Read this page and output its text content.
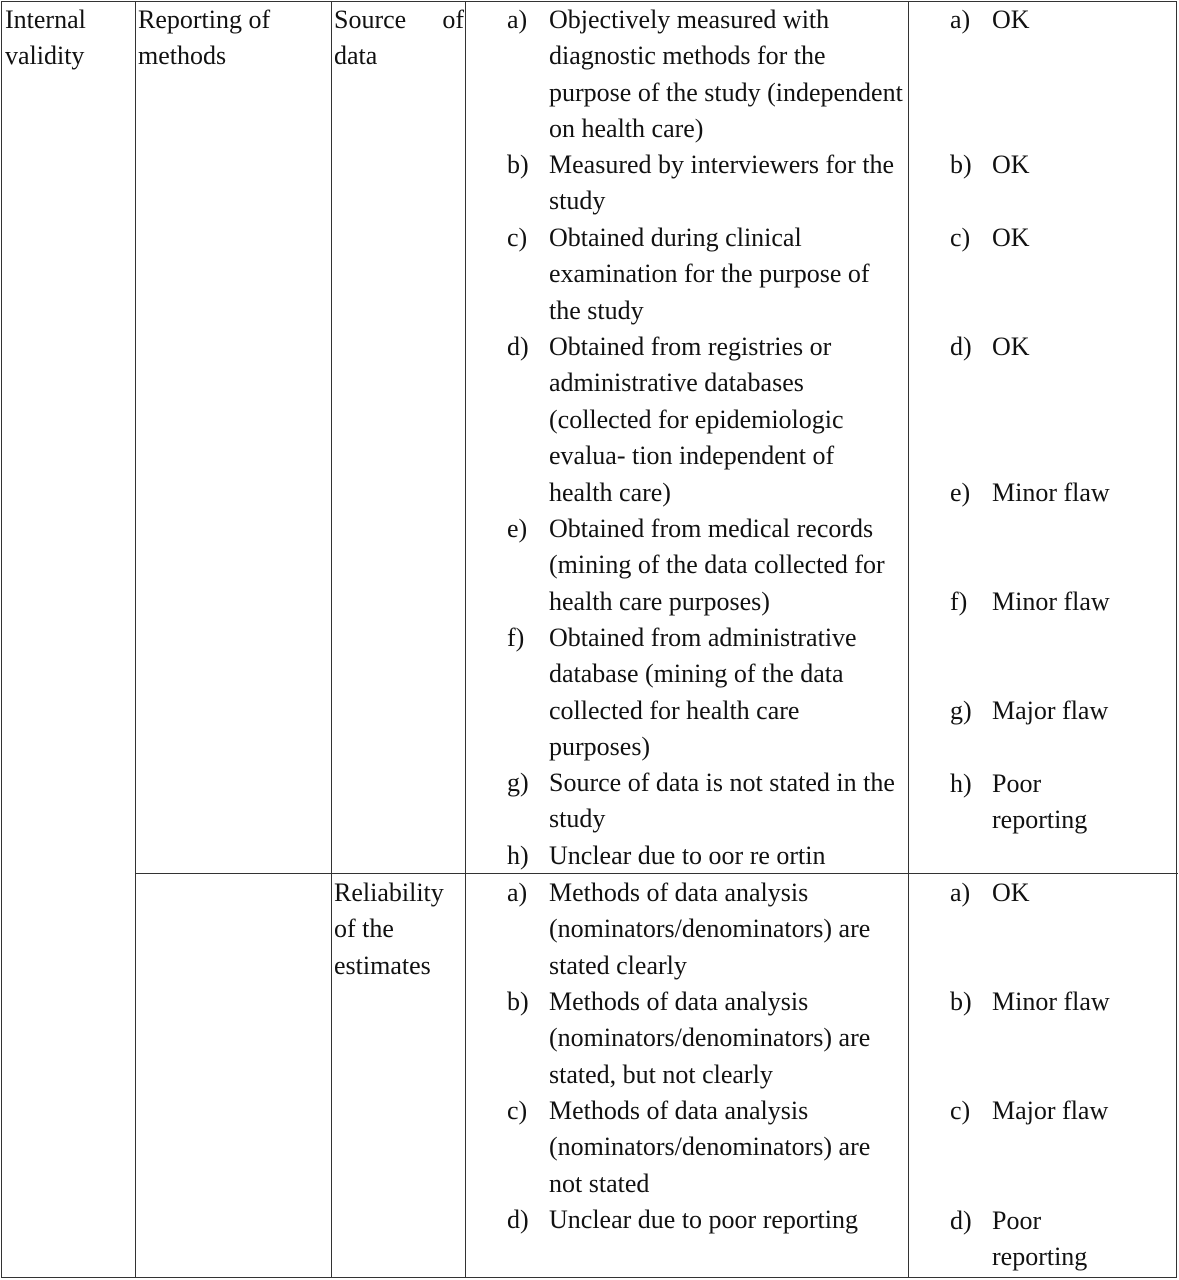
Internal validity
Reporting of methods
Source of data
a) Objectively measured with diagnostic methods for the purpose of the study (independent on health care)
b) Measured by interviewers for the study
c) Obtained during clinical examination for the purpose of the study
d) Obtained from registries or administrative databases (collected for epidemiologic evalua- tion independent of health care)
e) Obtained from medical records (mining of the data collected for health care purposes)
f) Obtained from administrative database (mining of the data collected for health care purposes)
g) Source of data is not stated in the study
h) Unclear due to oor re ortin
a) OK
b) OK
c) OK
d) OK
e) Minor flaw
f) Minor flaw
g) Major flaw
h) Poor reporting
Reliability of the estimates
a) Methods of data analysis (nominators/denominators) are stated clearly
b) Methods of data analysis (nominators/denominators) are stated, but not clearly
c) Methods of data analysis (nominators/denominators) are not stated
d) Unclear due to poor reporting
a) OK
b) Minor flaw
c) Major flaw
d) Poor reporting
